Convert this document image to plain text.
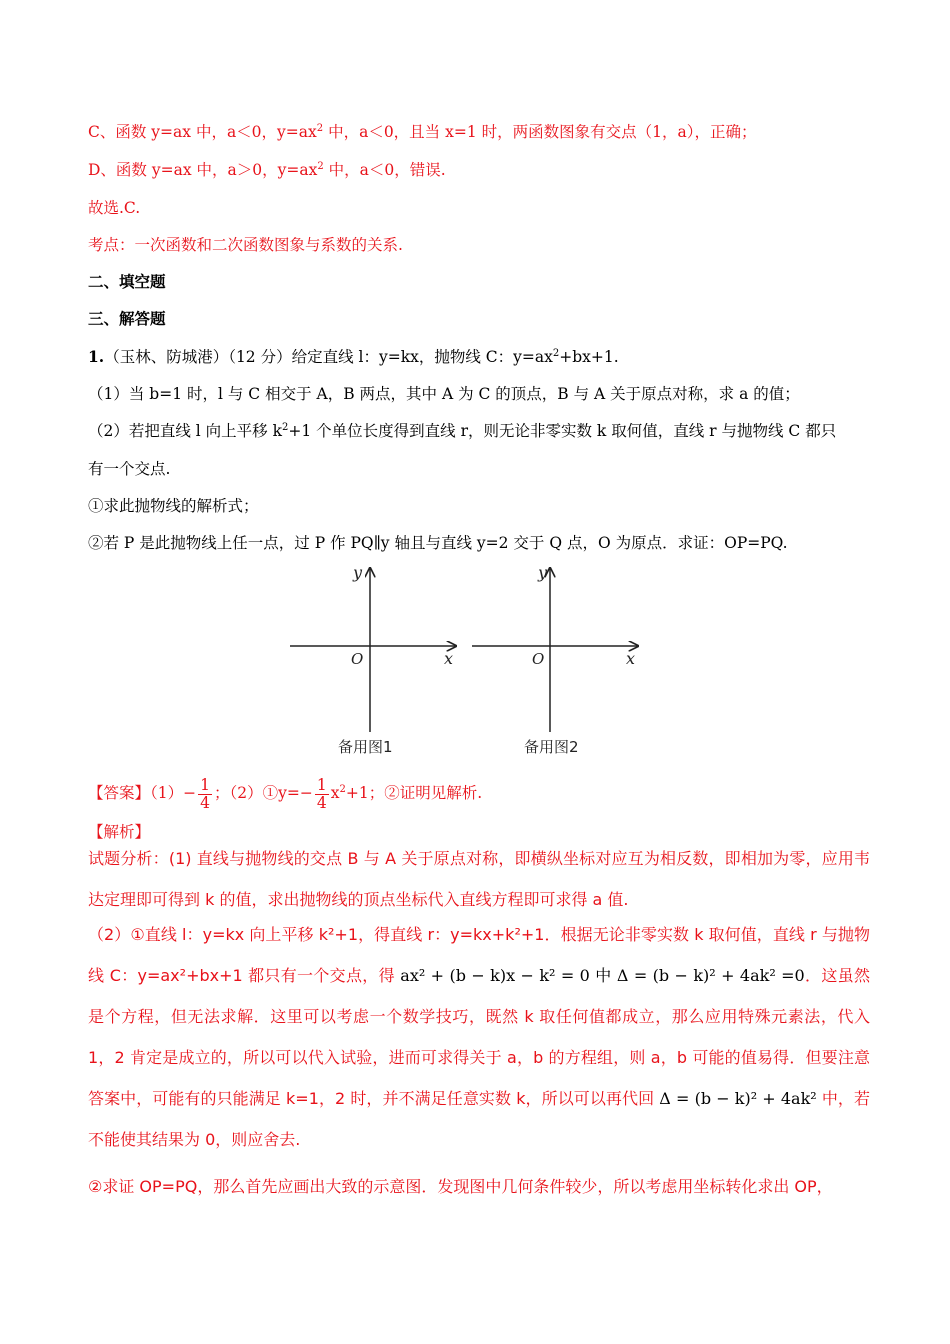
C、函数 y=ax 中，a＜0，$y=ax^2$ 中，a＜0，且当 x=1 时，两函数图象有交点（1，a），正确；
D、函数 y=ax 中，a＞0，$y=ax^2$ 中，a＜0，错误.
故选.C.
考点：一次函数和二次函数图象与系数的关系.
二、填空题
三、解答题
1.（玉林、防城港）（12 分）给定直线 l：y=kx，抛物线 C：$y=ax^2+bx+1$.
（1）当 b=1 时，l 与 C 相交于 A，B 两点，其中 A 为 C 的顶点，B 与 A 关于原点对称，求 a 的值；
（2）若把直线 l 向上平移 $k^2+1$ 个单位长度得到直线 r，则无论非零实数 k 取何值，直线 r 与抛物线 C 都只
有一个交点.
①求此抛物线的解析式；
②若 P 是此抛物线上任一点，过 P 作 PQ∥y 轴且与直线 y=2 交于 Q 点，O 为原点．求证：OP=PQ.
y
x
O
备用图1
y
x
O
备用图2
【答案】$(1)- \frac{1}{4}$ ；（2）①y=− $\frac{1}{4} x^2+1$；②证明见解析.
【解析】
试题分析：(1) 直线与抛物线的交点 B 与 A 关于原点对称，即横纵坐标对应互为相反数，即相加为零，应用韦达定理即可得到 k 的值，求出抛物线的顶点坐标代入直线方程即可求得 a 值.
（2）①直线 l：y=kx 向上平移 k²+1，得直线 r：y=kx+k²+1．根据无论非零实数 k 取何值，直线 r 与抛物线 C：y=ax²+bx+1 都只有一个交点，得 ax² + (b − k)x − k² = 0 中 Δ = (b − k)² + 4ak² =0．这虽然是个方程，但无法求解．这里可以考虑一个数学技巧，既然 k 取任何值都成立，那么应用特殊元素法，代入 1，2 肯定是成立的，所以可以代入试验，进而可求得关于 a，b 的方程组，则 a，b 可能的值易得．但要注意答案中，可能有的只能满足 k=1，2 时，并不满足任意实数 k，所以可以再代回 Δ = (b − k)² + 4ak² 中，若不能使其结果为 0，则应舍去.
②求证 OP=PQ，那么首先应画出大致的示意图．发现图中几何条件较少，所以考虑用坐标转化求出 OP，
